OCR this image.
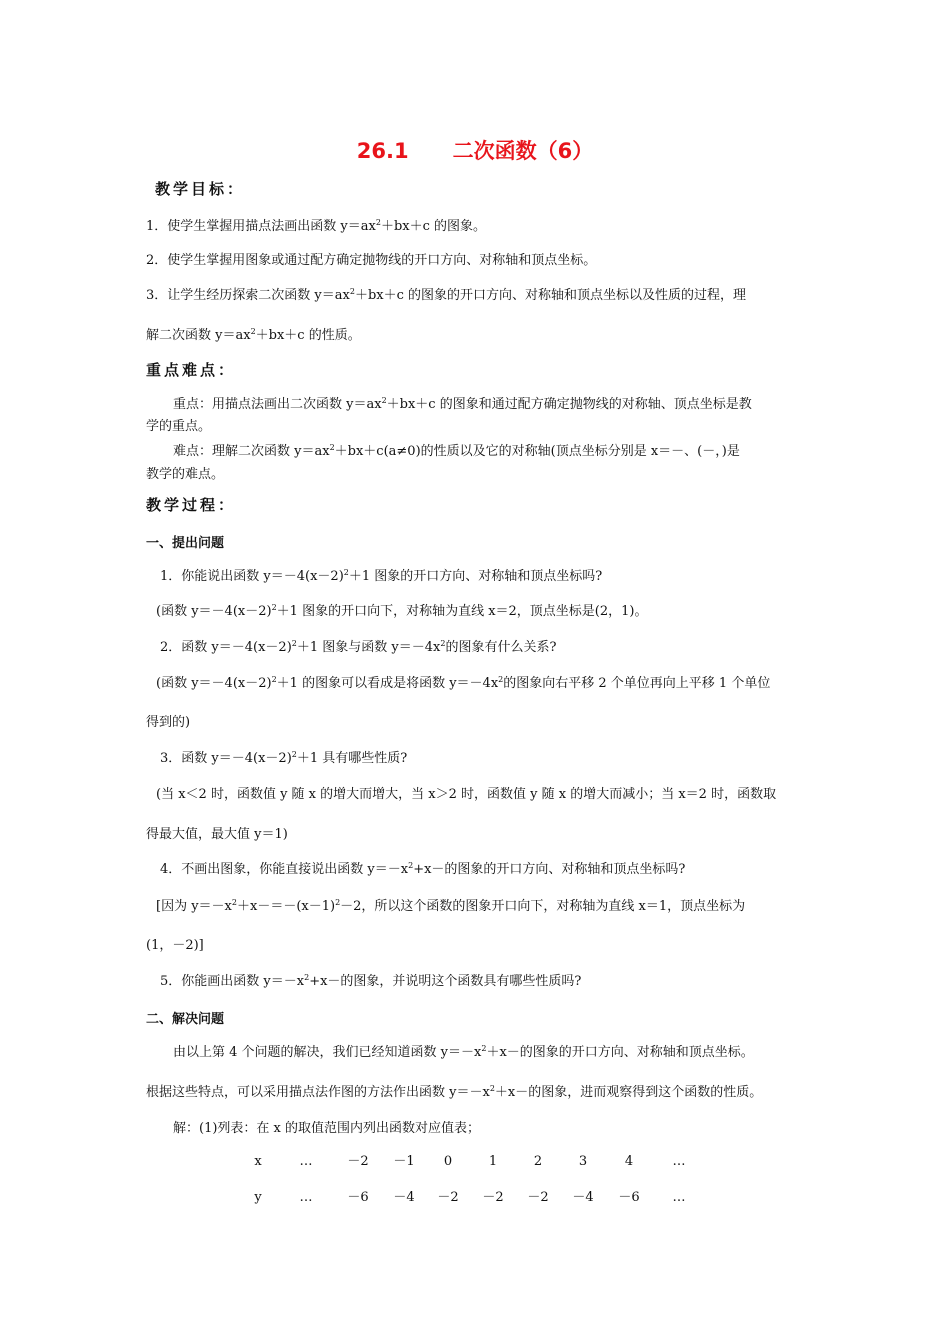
26.1 二次函数（6）
教学目标：
1．使学生掌握用描点法画出函数 $y=ax^2+bx+c$ 的图象。
2．使学生掌握用图象或通过配方确定抛物线的开口方向、对称轴和顶点坐标。
3．让学生经历探索二次函数 $y=ax^2+bx+c$ 的图象的开口方向、对称轴和顶点坐标以及性质的过程，理
解二次函数 $y=ax^2+bx+c$ 的性质。
重点难点：
重点：用描点法画出二次函数 $y=ax^2+bx+c$ 的图象和通过配方确定抛物线的对称轴、顶点坐标是教
学的重点。
难点：理解二次函数 $y=ax^2+bx+c(a\ne 0)$的性质以及它的对称轴(顶点坐标分别是 x＝－、(－，)是
教学的难点。
教学过程：
一、提出问题
1．你能说出函数 $y=-4(x-2)^2+1$ 图象的开口方向、对称轴和顶点坐标吗?
(函数 $y=-4(x-2)^2+1$ 图象的开口向下，对称轴为直线 x＝2，顶点坐标是(2，1)。
2．函数 $y=-4(x-2)^2+1$ 图象与函数 $y=-4x^2$的图象有什么关系?
(函数 $y=-4(x-2)^2+1$ 的图象可以看成是将函数 $y=-4x^2$的图象向右平移 2 个单位再向上平移 1 个单位
得到的)
3．函数 $y=-4(x-2)^2+1$ 具有哪些性质?
(当 x＜2 时，函数值 y 随 x 的增大而增大，当 x＞2 时，函数值 y 随 x 的增大而减小；当 x＝2 时，函数取
得最大值，最大值 y＝1)
4．不画出图象，你能直接说出函数 $y=-x^2+x-$的图象的开口方向、对称轴和顶点坐标吗?
[因为 $y=-x^2+x-=-(x-1)^2-2$，所以这个函数的图象开口向下，对称轴为直线 x＝1，顶点坐标为
(1，－2)]
5．你能画出函数 $y=-x^2+x-$的图象，并说明这个函数具有哪些性质吗?
二、解决问题
由以上第 4 个问题的解决，我们已经知道函数 $y=-x^2+x-$的图象的开口方向、对称轴和顶点坐标。
根据这些特点，可以采用描点法作图的方法作出函数 $y=-x^2+x-$的图象，进而观察得到这个函数的性质。
解：(1)列表：在 x 的取值范围内列出函数对应值表；
x	…	－2	－1	0	1	2	3	4	…
y	…	－6	－4	－2	－2	－2	－4	－6	…
